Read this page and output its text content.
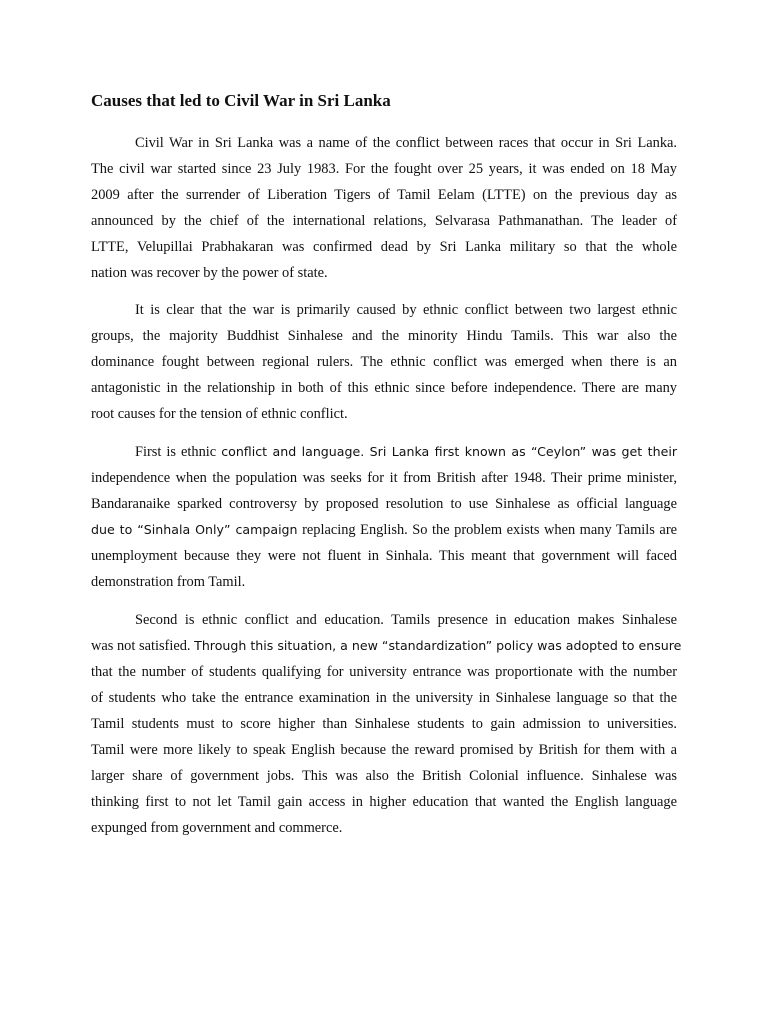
Causes that led to Civil War in Sri Lanka
Civil War in Sri Lanka was a name of the conflict between races that occur in Sri Lanka.
The civil war started since 23 July 1983. For the fought over 25 years, it was ended on 18 May
2009 after the surrender of Liberation Tigers of Tamil Eelam (LTTE) on the previous day as
announced by the chief of the international relations, Selvarasa Pathmanathan. The leader of
LTTE, Velupillai Prabhakaran was confirmed dead by Sri Lanka military so that the whole
nation was recover by the power of state.
It is clear that the war is primarily caused by ethnic conflict between two largest ethnic
groups, the majority Buddhist Sinhalese and the minority Hindu Tamils. This war also the
dominance fought between regional rulers. The ethnic conflict was emerged when there is an
antagonistic in the relationship in both of this ethnic since before independence. There are many
root causes for the tension of ethnic conflict.
First is ethnic conflict and language. Sri Lanka first known as “Ceylon” was get their
independence when the population was seeks for it from British after 1948. Their prime minister,
Bandaranaike sparked controversy by proposed resolution to use Sinhalese as official language
due to “Sinhala Only” campaign replacing English. So the problem exists when many Tamils are
unemployment because they were not fluent in Sinhala. This meant that government will faced
demonstration from Tamil.
Second is ethnic conflict and education. Tamils presence in education makes Sinhalese
was not satisfied. Through this situation, a new “standardization” policy was adopted to ensure
that the number of students qualifying for university entrance was proportionate with the number
of students who take the entrance examination in the university in Sinhalese language so that the
Tamil students must to score higher than Sinhalese students to gain admission to universities.
Tamil were more likely to speak English because the reward promised by British for them with a
larger share of government jobs. This was also the British Colonial influence. Sinhalese was
thinking first to not let Tamil gain access in higher education that wanted the English language
expunged from government and commerce.
